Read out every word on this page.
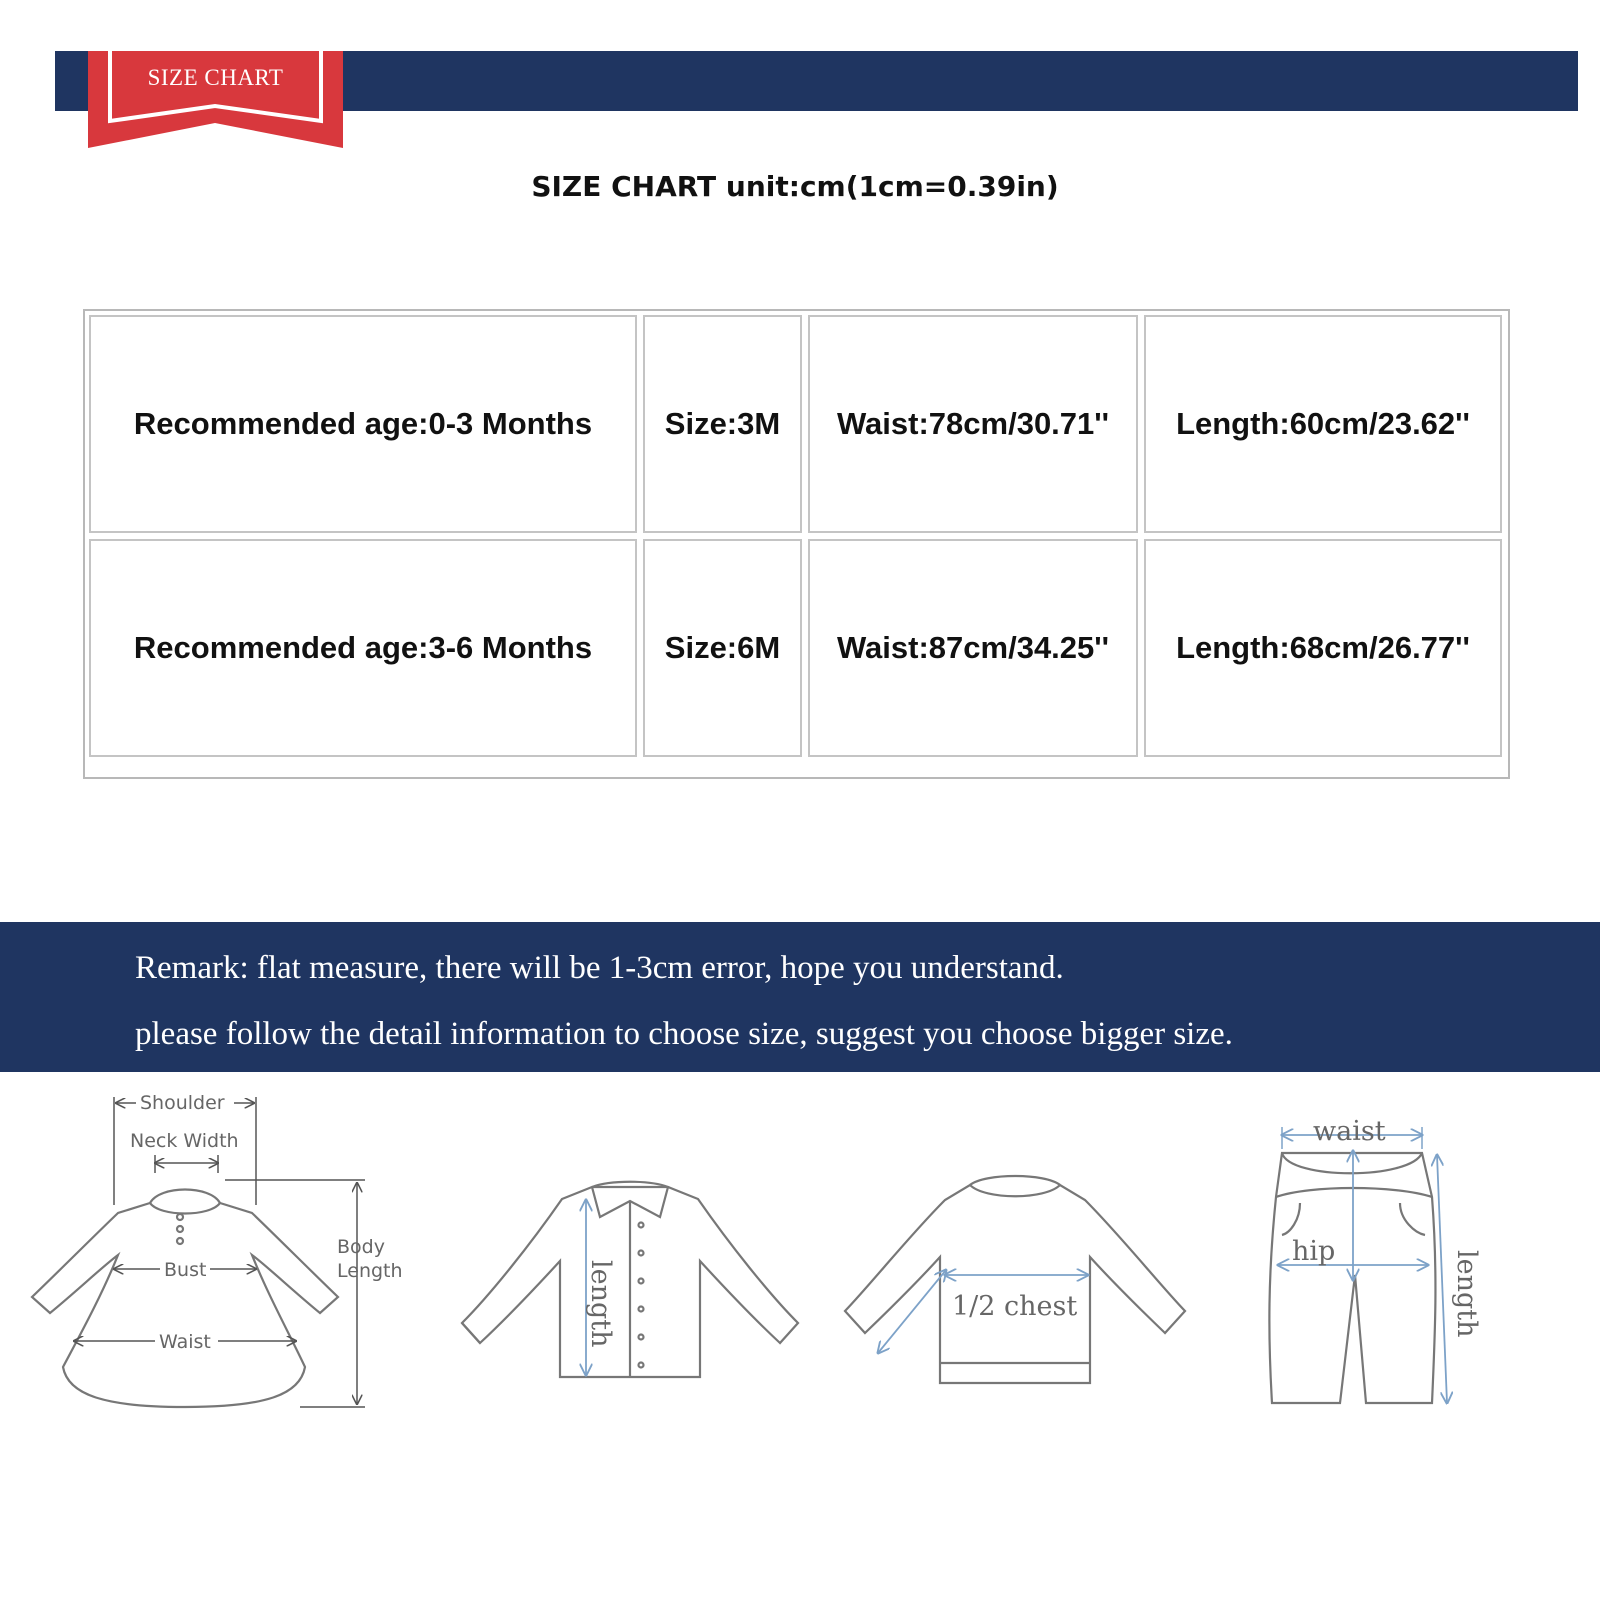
SIZE CHART
SIZE CHART unit:cm(1cm=0.39in)
Recommended age:0-3 Months	Size:3M	Waist:78cm/30.71''	Length:60cm/23.62''
Recommended age:3-6 Months	Size:6M	Waist:87cm/34.25''	Length:68cm/26.77''
Remark: flat measure, there will be 1-3cm error, hope you understand.
please follow the detail information to choose size, suggest you choose bigger size.
Shoulder
Neck Width
Bust
Waist
Body
Length	length	1/2 chest
waist
hip	length
